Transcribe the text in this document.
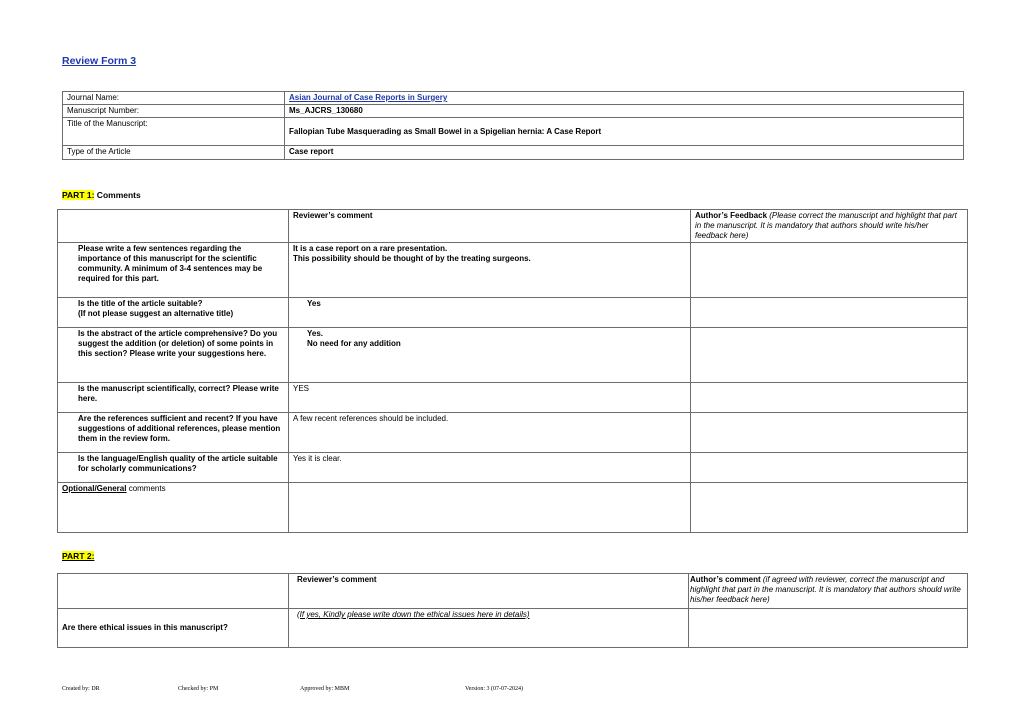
Review Form 3
Journal Name:	Asian Journal of Case Reports in Surgery
Manuscript Number:	Ms_AJCRS_130680
Title of the Manuscript:	Fallopian Tube Masquerading as Small Bowel in a Spigelian hernia: A Case Report
Type of the Article	Case report
PART 1: Comments
	Reviewer’s comment	Author’s Feedback (Please correct the manuscript and highlight that part in the manuscript. It is mandatory that authors should write his/her feedback here)
Please write a few sentences regarding the importance of this manuscript for the scientific community. A minimum of 3-4 sentences may be required for this part.	It is a case report on a rare presentation.
This possibility should be thought of by the treating surgeons.	

Is the title of the article suitable?
(If not please suggest an alternative title)	Yes	
Is the abstract of the article comprehensive? Do you suggest the addition (or deletion) of some points in this section? Please write your suggestions here.	Yes.
No need for any addition	

Is the manuscript scientifically, correct? Please write here.	YES	
Are the references sufficient and recent? If you have suggestions of additional references, please mention them in the review form.	A few recent references should be included.	
Is the language/English quality of the article suitable for scholarly communications?	Yes it is clear.	
Optional/General comments		
PART 2:
	Reviewer’s comment	Author’s comment (if agreed with reviewer, correct the manuscript and highlight that part in the manuscript. It is mandatory that authors should write his/her feedback here)
Are there ethical issues in this manuscript?	(If yes, Kindly please write down the ethical issues here in details)	
Created by: DR	Checked by: PM	Approved by: MBM	Version: 3 (07-07-2024)
